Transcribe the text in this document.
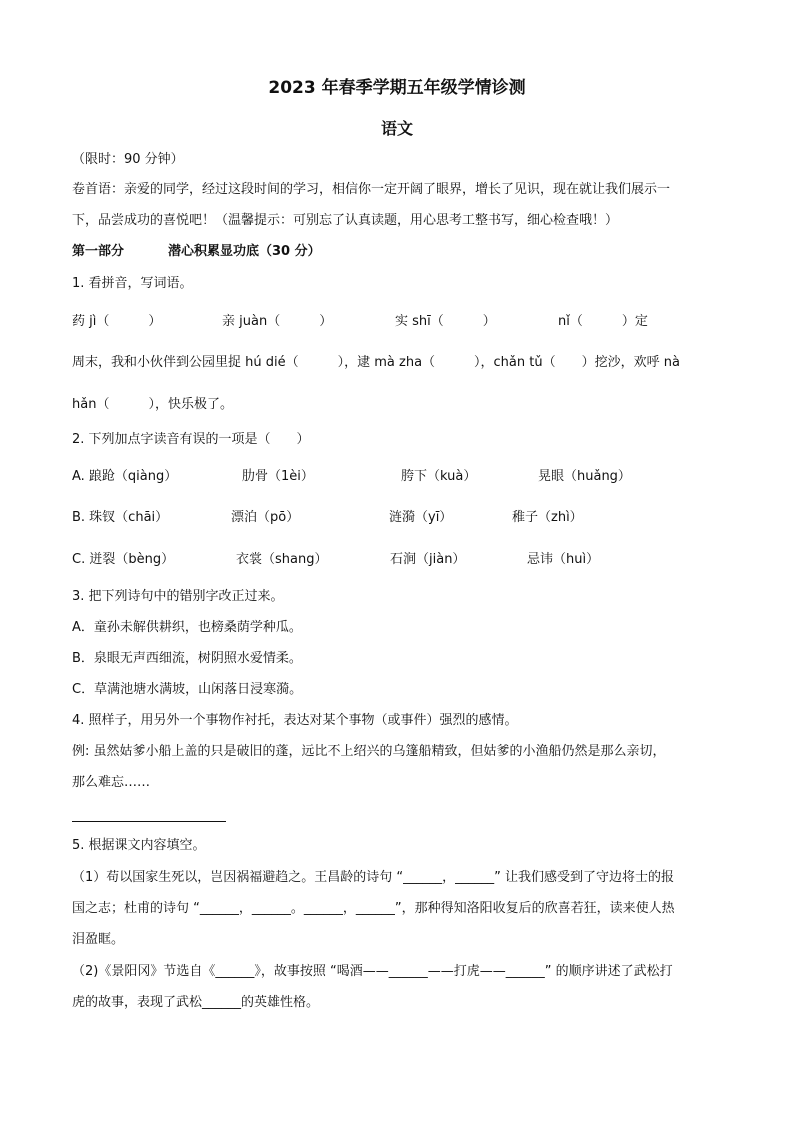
2023 年春季学期五年级学情诊测
语文
（限时：90 分钟）
卷首语：亲爱的同学，经过这段时间的学习，相信你一定开阔了眼界，增长了见识，现在就让我们展示一
下，品尝成功的喜悦吧！（温馨提示：可别忘了认真读题，用心思考工整书写，细心检查哦！）
第一部分	潜心积累显功底（30 分）
1. 看拼音，写词语。
药 jì（　　　）	亲 juàn（　　　）	实 shī（　　　）	nǐ（　　　）定
周末，我和小伙伴到公园里捉 hú dié（　　　），逮 mà zha（　　　），chǎn tǔ（　　）挖沙，欢呼 nà
hǎn（　　　），快乐极了。
2. 下列加点字读音有误的一项是（　　）
A. 踉跄（qiàng）	肋骨（1èi）	胯下（kuà）	晃眼（huǎng）
B. 珠钗（chāi）	漂泊（pō）	涟漪（yī）	稚子（zhì）
C. 迸裂（bèng）	衣裳（shang）	石涧（jiàn）	忌讳（huì）
3. 把下列诗句中的错别字改正过来。
A．童孙未解供耕织，也榜桑荫学种瓜。
B．泉眼无声西细流，树阴照水爱情柔。
C．草满池塘水满坡，山闲落日浸寒漪。
4. 照样子，用另外一个事物作衬托，表达对某个事物（或事件）强烈的感情。
例: 虽然姑爹小船上盖的只是破旧的蓬，远比不上绍兴的乌篷船精致，但姑爹的小渔船仍然是那么亲切，
那么难忘……
5. 根据课文内容填空。
（1）苟以国家生死以，岂因祸福避趋之。王昌龄的诗句 “______，______” 让我们感受到了守边将士的报
国之志；杜甫的诗句 “______，______。______，______”，那种得知洛阳收复后的欣喜若狂，读来使人热
泪盈眶。
（2)《景阳冈》节选自《______》，故事按照 “喝酒——______——打虎——______” 的顺序讲述了武松打
虎的故事，表现了武松______的英雄性格。
